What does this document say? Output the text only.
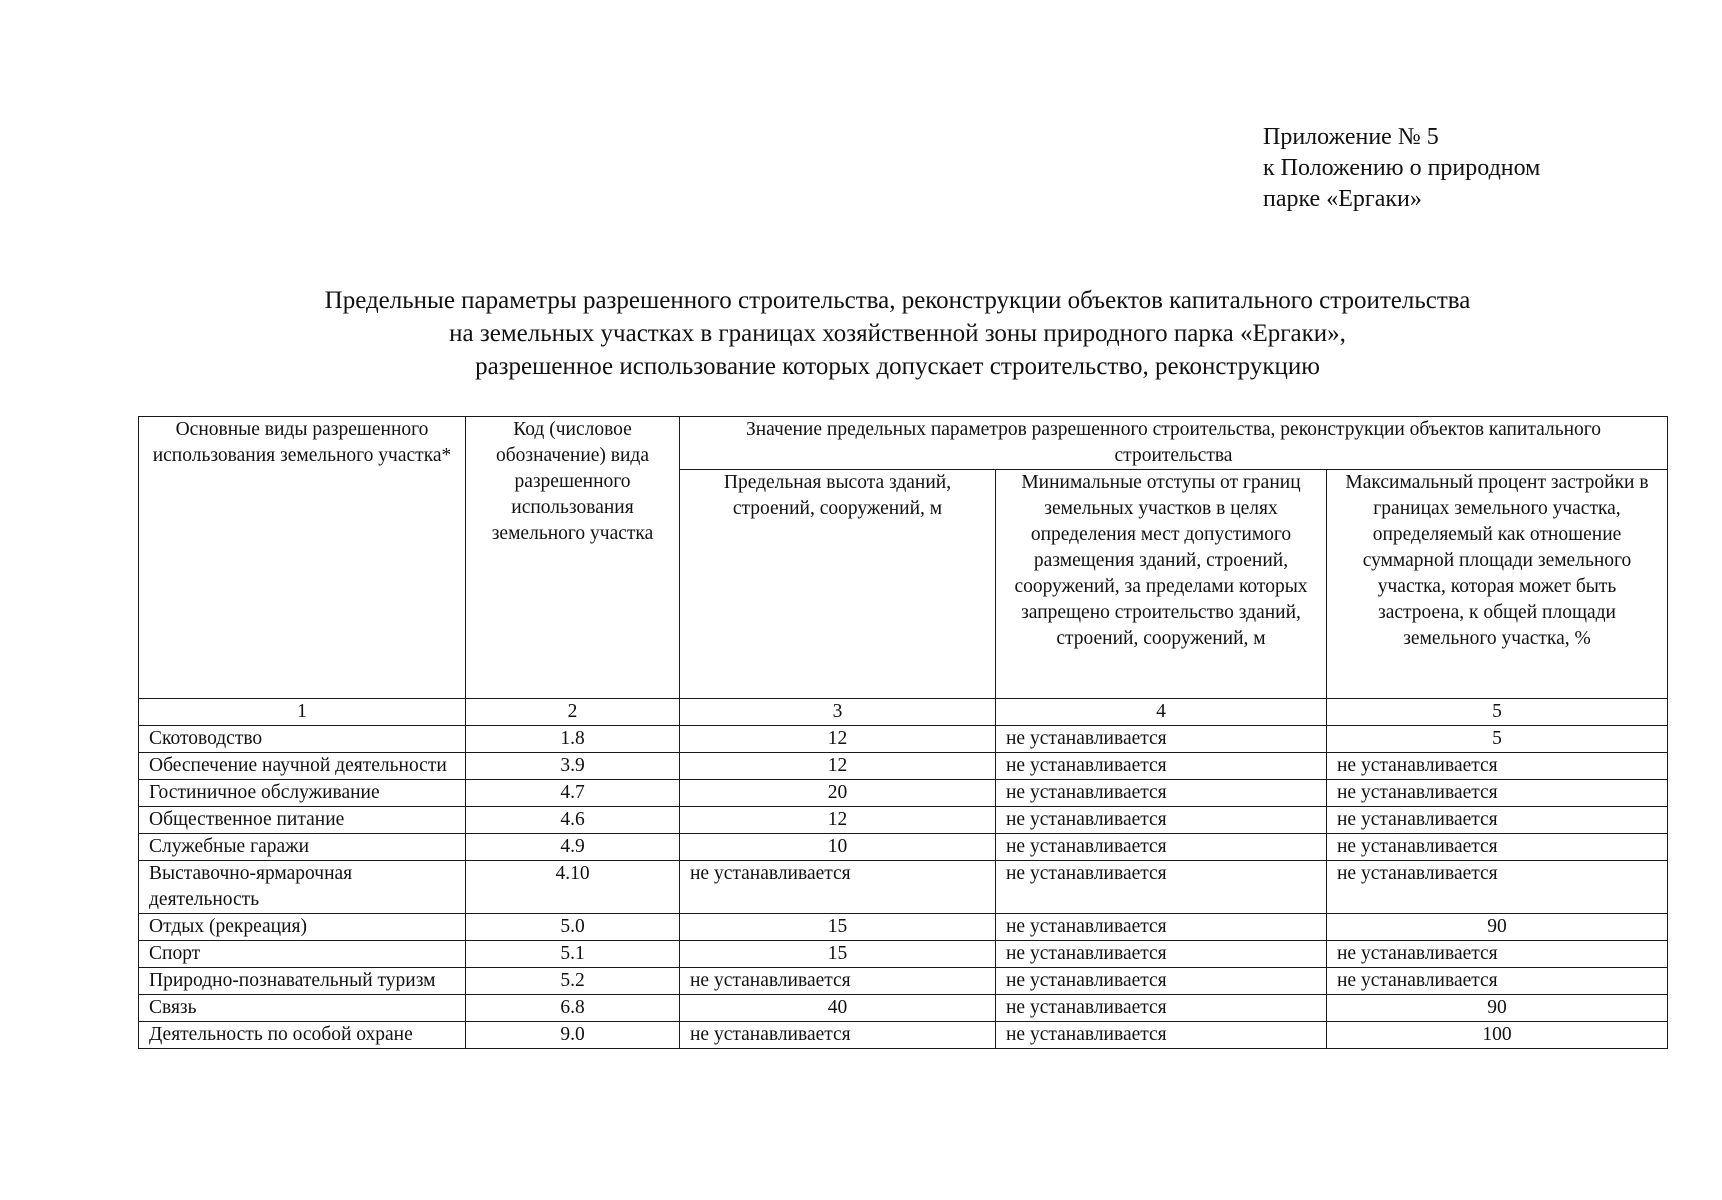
Приложение № 5
к Положению о природном
парке «Ергаки»
Предельные параметры разрешенного строительства, реконструкции объектов капитального строительства
на земельных участках в границах хозяйственной зоны природного парка «Ергаки»,
разрешенное использование которых допускает строительство, реконструкцию
Основные виды разрешенного использования земельного участка*	Код (числовое обозначение) вида разрешенного использования земельного участка	Значение предельных параметров разрешенного строительства, реконструкции объектов капитального строительства		
		Предельная высота зданий, строений, сооружений, м	Минимальные отступы от границ земельных участков в целях определения мест допустимого размещения зданий, строений, сооружений, за пределами которых запрещено строительство зданий, строений, сооружений, м	Максимальный процент застройки в границах земельного участка, определяемый как отношение суммарной площади земельного участка, которая может быть застроена, к общей площади земельного участка, %
1	2	3	4	5
Скотоводство	1.8	12	не устанавливается	5
Обеспечение научной деятельности	3.9	12	не устанавливается	не устанавливается
Гостиничное обслуживание	4.7	20	не устанавливается	не устанавливается
Общественное питание	4.6	12	не устанавливается	не устанавливается
Служебные гаражи	4.9	10	не устанавливается	не устанавливается
Выставочно-ярмарочная деятельность	4.10	не устанавливается	не устанавливается	не устанавливается
Отдых (рекреация)	5.0	15	не устанавливается	90
Спорт	5.1	15	не устанавливается	не устанавливается
Природно-познавательный туризм	5.2	не устанавливается	не устанавливается	не устанавливается
Связь	6.8	40	не устанавливается	90
Деятельность по особой охране	9.0	не устанавливается	не устанавливается	100
